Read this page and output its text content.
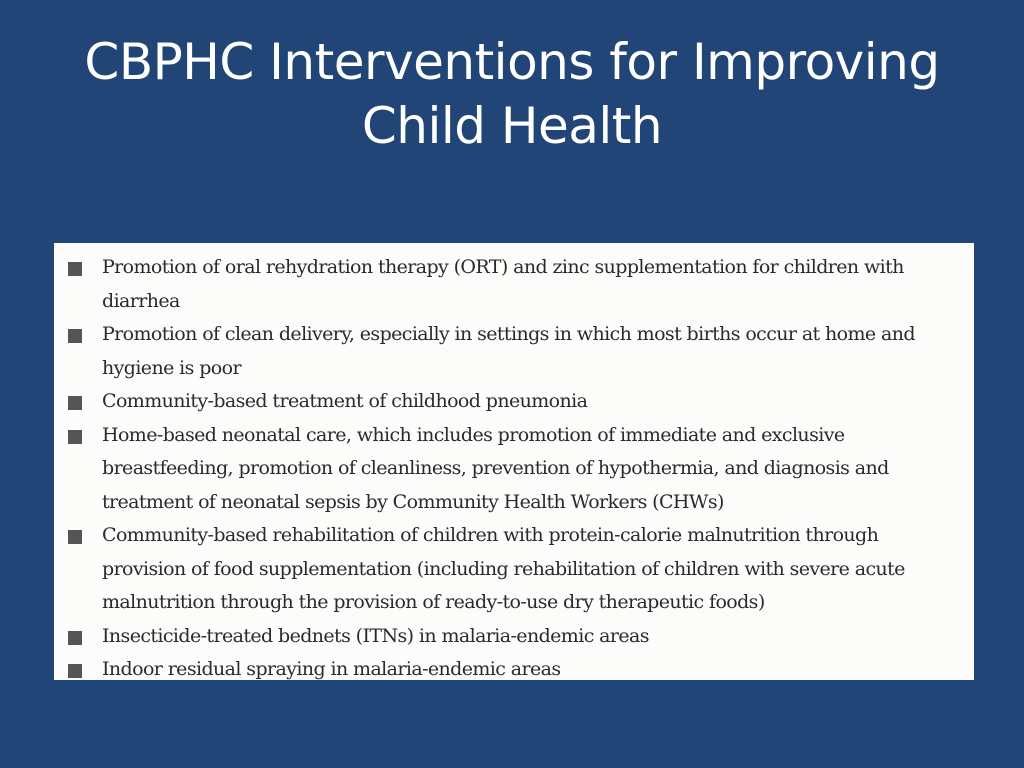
CBPHC Interventions for Improving
Child Health
Promotion of oral rehydration therapy (ORT) and zinc supplementation for children with diarrhea
Promotion of clean delivery, especially in settings in which most births occur at home and hygiene is poor
Community-based treatment of childhood pneumonia
Home-based neonatal care, which includes promotion of immediate and exclusive breastfeeding, promotion of cleanliness, prevention of hypothermia, and diagnosis and treatment of neonatal sepsis by Community Health Workers (CHWs)
Community-based rehabilitation of children with protein-calorie malnutrition through provision of food supplementation (including rehabilitation of children with severe acute malnutrition through the provision of ready-to-use dry therapeutic foods)
Insecticide-treated bednets (ITNs) in malaria-endemic areas
Indoor residual spraying in malaria-endemic areas
